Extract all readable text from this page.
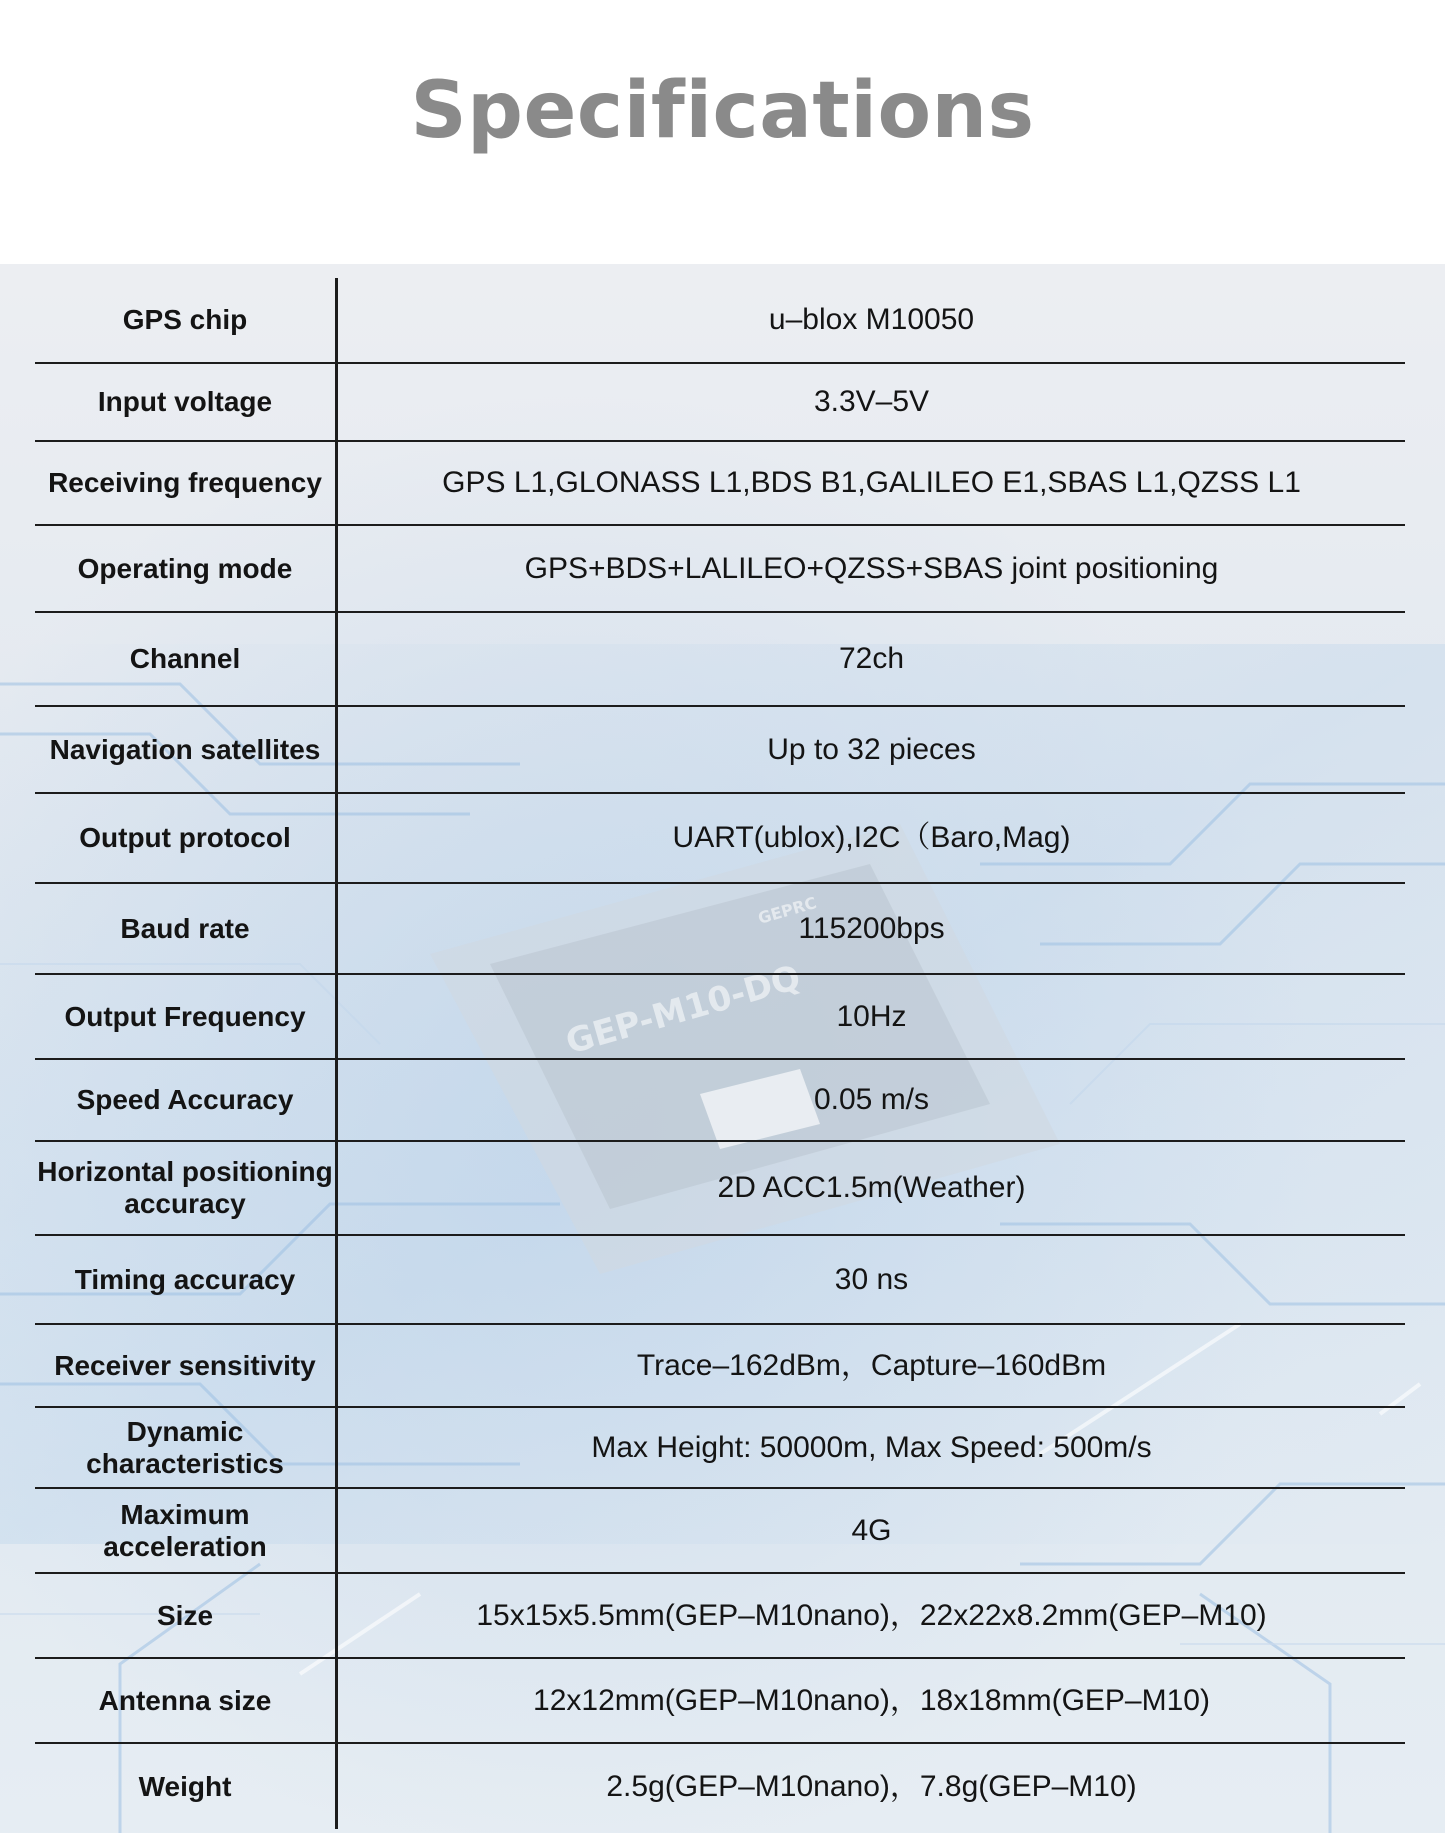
Specifications
GEP-M10-DQ
GEPRC
GPS chip	u–blox M10050
Input voltage	3.3V–5V
Receiving frequency	GPS L1,GLONASS L1,BDS B1,GALILEO E1,SBAS L1,QZSS L1
Operating mode	GPS+BDS+LALILEO+QZSS+SBAS joint positioning
Channel	72ch
Navigation satellites	Up to 32 pieces
Output protocol	UART(ublox),I2C（Baro,Mag)
Baud rate	115200bps
Output Frequency	10Hz
Speed Accuracy	0.05 m/s
Horizontal positioning accuracy	2D ACC1.5m(Weather)
Timing accuracy	30 ns
Receiver sensitivity	Trace–162dBm，Capture–160dBm
Dynamic characteristics	Max Height: 50000m, Max Speed: 500m/s
Maximum acceleration	4G
Size	15x15x5.5mm(GEP–M10nano)，22x22x8.2mm(GEP–M10)
Antenna size	12x12mm(GEP–M10nano)，18x18mm(GEP–M10)
Weight	2.5g(GEP–M10nano)，7.8g(GEP–M10)
